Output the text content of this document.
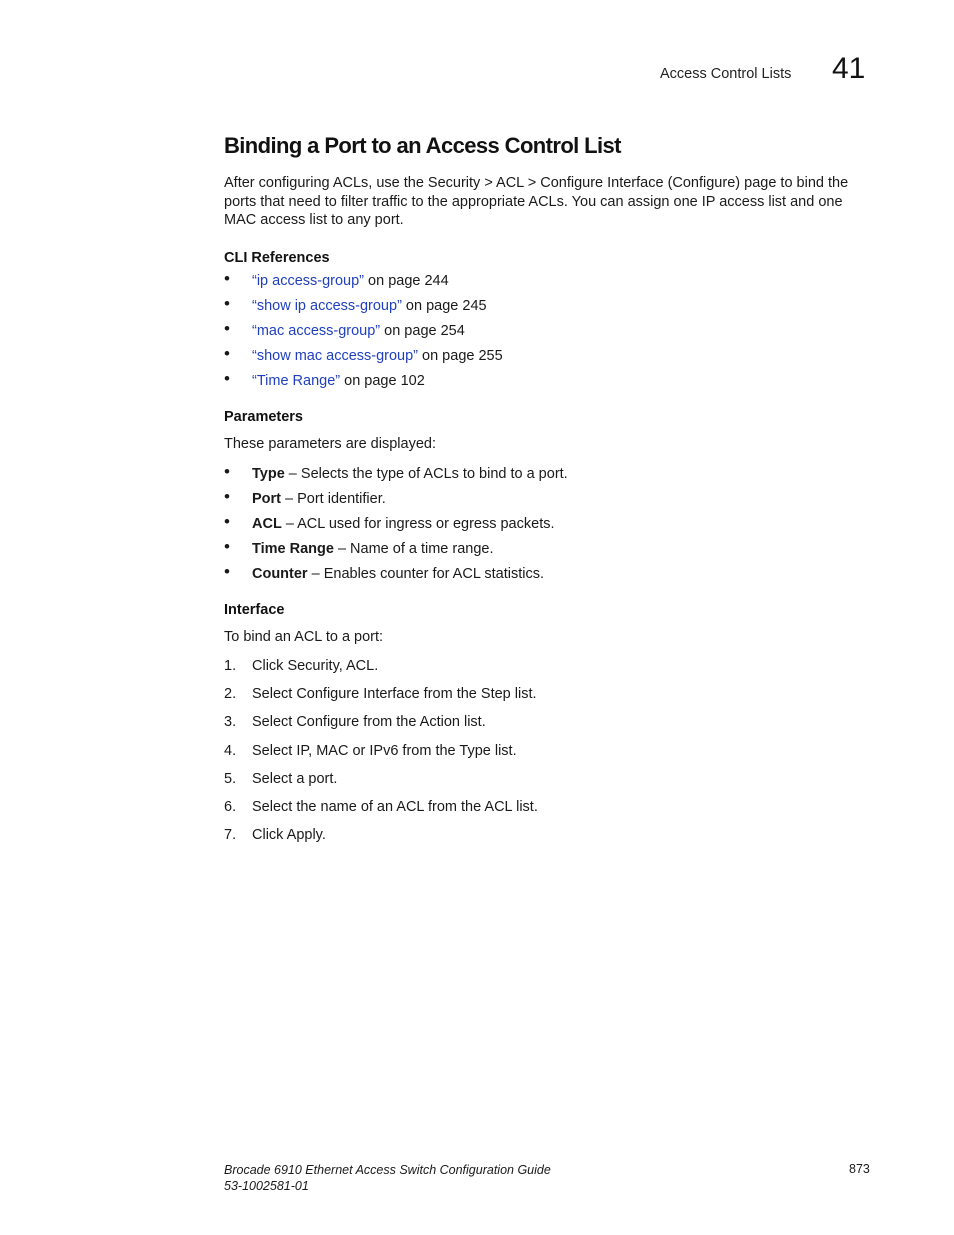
Access Control Lists 41
Binding a Port to an Access Control List
After configuring ACLs, use the Security > ACL > Configure Interface (Configure) page to bind the ports that need to filter traffic to the appropriate ACLs. You can assign one IP access list and one MAC access list to any port.
CLI References
• “ip access-group” on page 244
• “show ip access-group” on page 245
• “mac access-group” on page 254
• “show mac access-group” on page 255
• “Time Range” on page 102
Parameters
These parameters are displayed:
• Type – Selects the type of ACLs to bind to a port.
• Port – Port identifier.
• ACL – ACL used for ingress or egress packets.
• Time Range – Name of a time range.
• Counter – Enables counter for ACL statistics.
Interface
To bind an ACL to a port:
1. Click Security, ACL.
2. Select Configure Interface from the Step list.
3. Select Configure from the Action list.
4. Select IP, MAC or IPv6 from the Type list.
5. Select a port.
6. Select the name of an ACL from the ACL list.
7. Click Apply.
Brocade 6910 Ethernet Access Switch Configuration Guide
53-1002581-01
873
